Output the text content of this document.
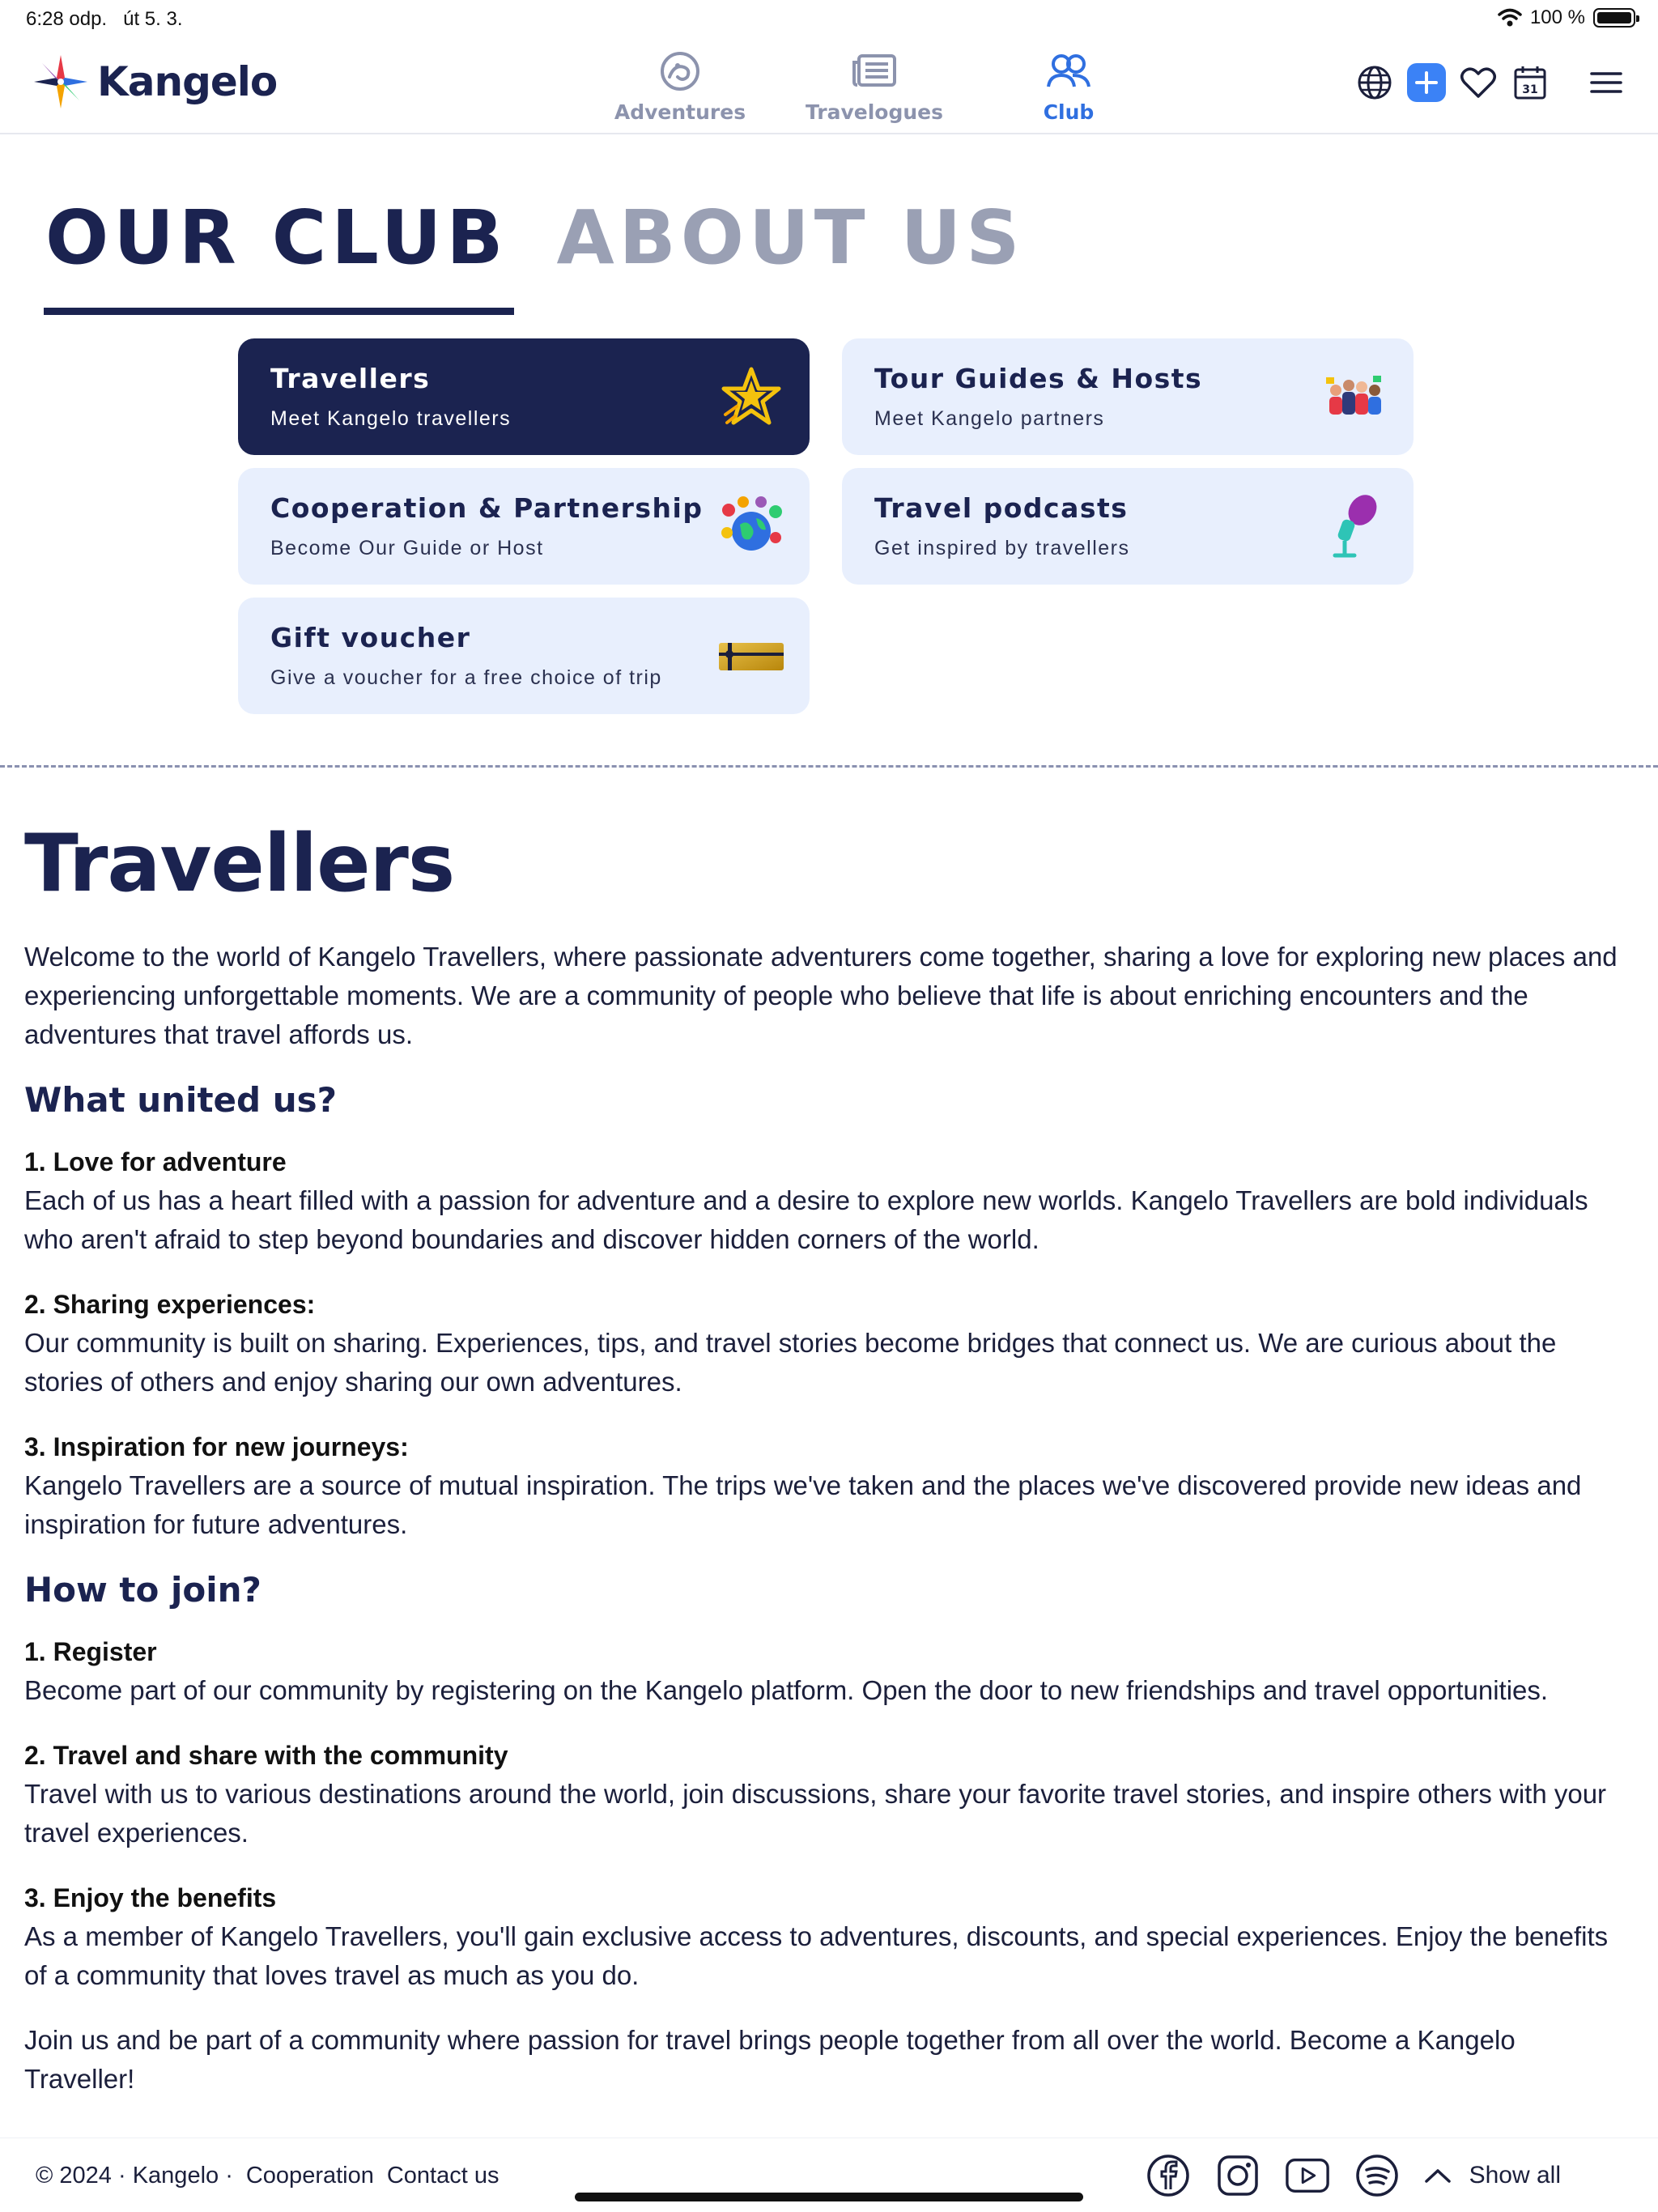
6:28 odp. út 5. 3.	100 %
Kangelo
Adventures	Travelogues	Club
31
OUR CLUB ABOUT US
Travellers
Meet Kangelo travellers
Tour Guides & Hosts
Meet Kangelo partners
Cooperation & Partnership
Become Our Guide or Host
Travel podcasts
Get inspired by travellers
Gift voucher
Give a voucher for a free choice of trip
Travellers
Welcome to the world of Kangelo Travellers, where passionate adventurers come together, sharing a love for exploring new places and experiencing unforgettable moments. We are a community of people who believe that life is about enriching encounters and the adventures that travel affords us.
What united us?
1. Love for adventure
Each of us has a heart filled with a passion for adventure and a desire to explore new worlds. Kangelo Travellers are bold individuals who aren't afraid to step beyond boundaries and discover hidden corners of the world.
2. Sharing experiences:
Our community is built on sharing. Experiences, tips, and travel stories become bridges that connect us. We are curious about the stories of others and enjoy sharing our own adventures.
3. Inspiration for new journeys:
Kangelo Travellers are a source of mutual inspiration. The trips we've taken and the places we've discovered provide new ideas and inspiration for future adventures.
How to join?
1. Register
Become part of our community by registering on the Kangelo platform. Open the door to new friendships and travel opportunities.
2. Travel and share with the community
Travel with us to various destinations around the world, join discussions, share your favorite travel stories, and inspire others with your travel experiences.
3. Enjoy the benefits
As a member of Kangelo Travellers, you'll gain exclusive access to adventures, discounts, and special experiences. Enjoy the benefits of a community that loves travel as much as you do.
Join us and be part of a community where passion for travel brings people together from all over the world. Become a Kangelo Traveller!
© 2024 · Kangelo · Cooperation Contact us	Show all
